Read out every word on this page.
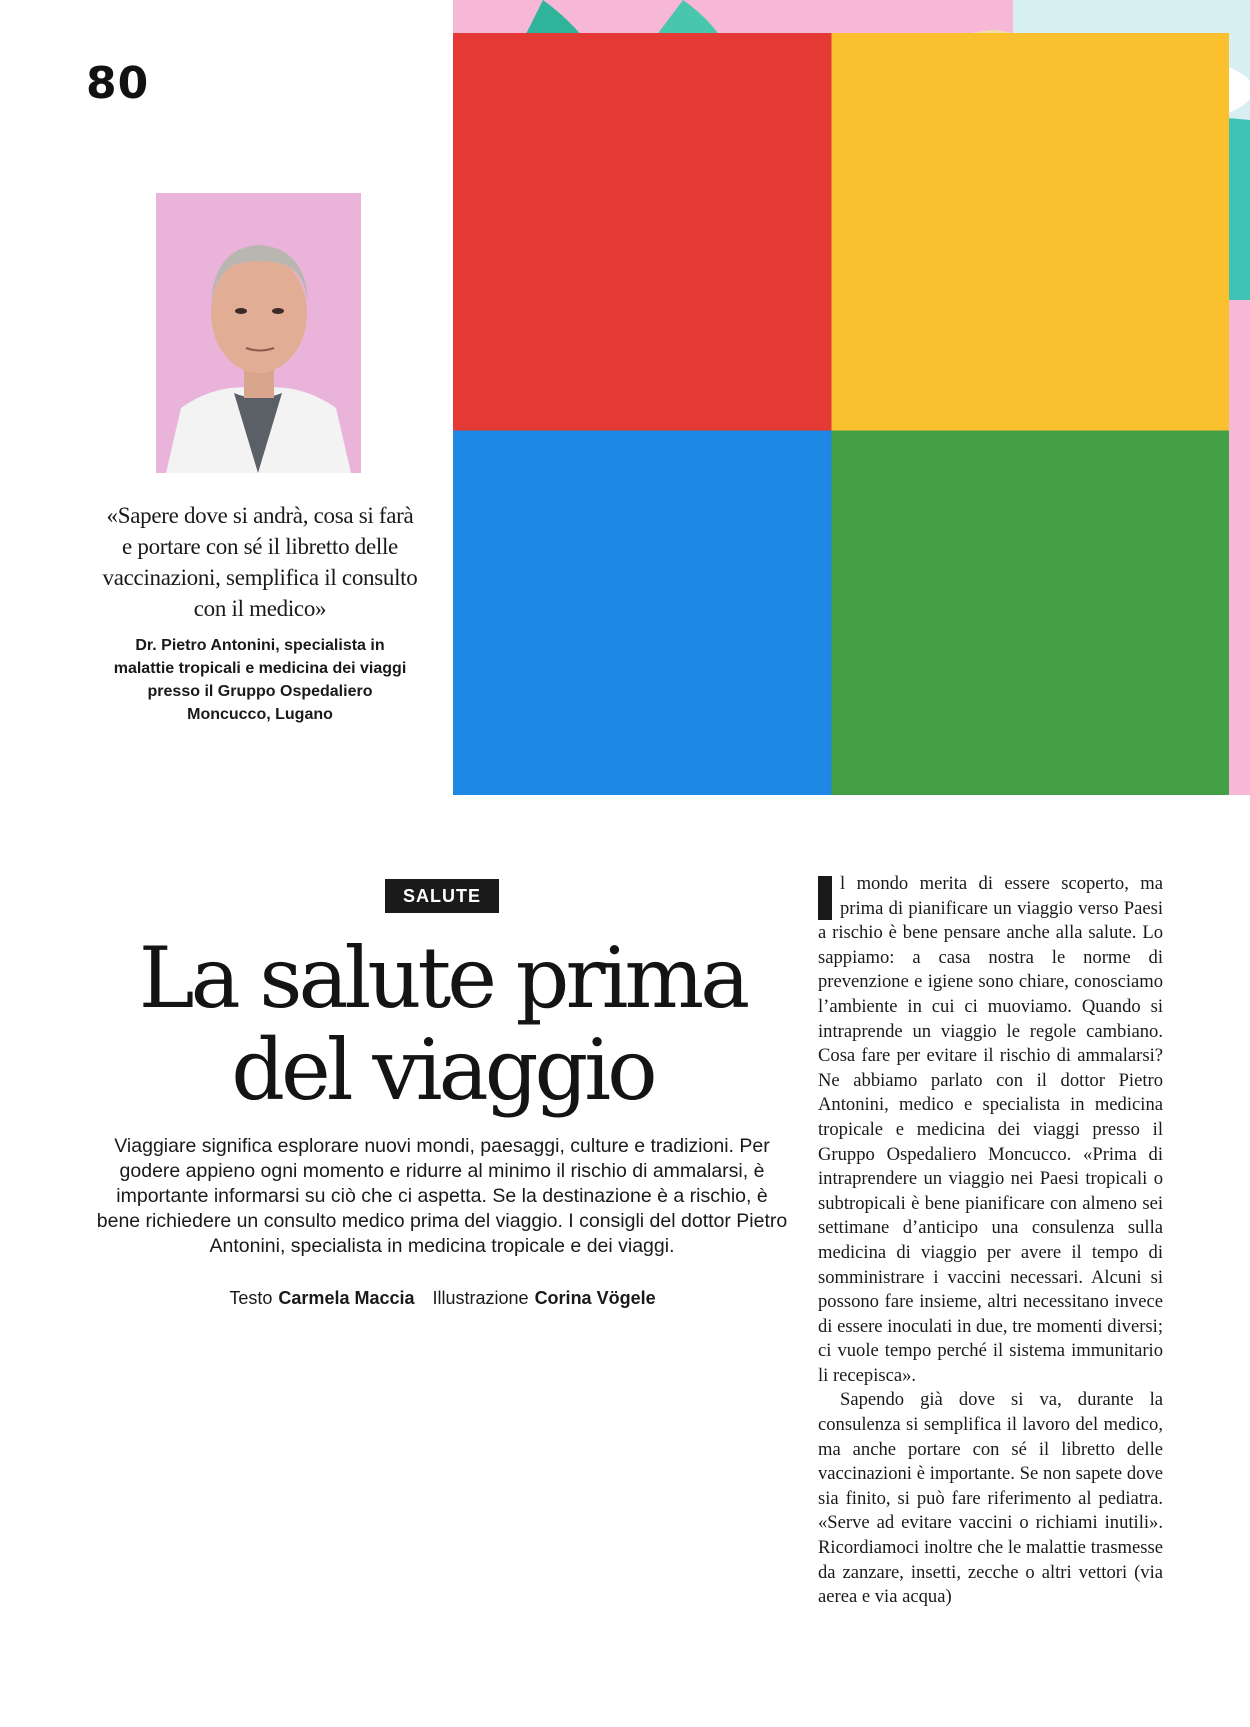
80
«Sapere dove si andrà, cosa si farà e portare con sé il libretto delle vaccinazioni, semplifica il consulto con il medico»
Dr. Pietro Antonini, specialista in malattie tropicali e medicina dei viaggi presso il Gruppo Ospedaliero Moncucco, Lugano
SALUTE
La salute prima
del viaggio

Viaggiare significa esplorare nuovi mondi, paesaggi, culture e tradizioni. Per godere appieno ogni momento e ridurre al minimo il rischio di ammalarsi, è importante informarsi su ciò che ci aspetta. Se la destinazione è a rischio, è bene richiedere un consulto medico prima del viaggio. I consigli del dottor Pietro Antonini, specialista in medicina tropicale e dei viaggi.

Testo Carmela Maccia Illustrazione Corina Vögele

l mondo merita di essere scoperto, ma prima di pianificare un viaggio verso Paesi a rischio è bene pensare anche alla salute. Lo sappiamo: a casa nostra le norme di prevenzione e igiene sono chiare, conosciamo l’ambiente in cui ci muoviamo. Quando si intraprende un viaggio le regole cambiano. Cosa fare per evitare il rischio di ammalarsi? Ne abbiamo parlato con il dottor Pietro Antonini, medico e specialista in medicina tropicale e medicina dei viaggi presso il Gruppo Ospedaliero Moncucco. «Prima di intraprendere un viaggio nei Paesi tropicali o subtropicali è bene pianificare con almeno sei settimane d’anticipo una consulenza sulla medicina di viaggio per avere il tempo di somministrare i vaccini necessari. Alcuni si possono fare insieme, altri necessitano invece di essere inoculati in due, tre momenti diversi; ci vuole tempo perché il sistema immunitario li recepisca».

Sapendo già dove si va, durante la consulenza si semplifica il lavoro del medico, ma anche portare con sé il libretto delle vaccinazioni è importante. Se non sapete dove sia finito, si può fare riferimento al pediatra. «Serve ad evitare vaccini o richiami inutili». Ricordiamoci inoltre che le malattie trasmesse da zanzare, insetti, zecche o altri vettori (via aerea e via acqua)
